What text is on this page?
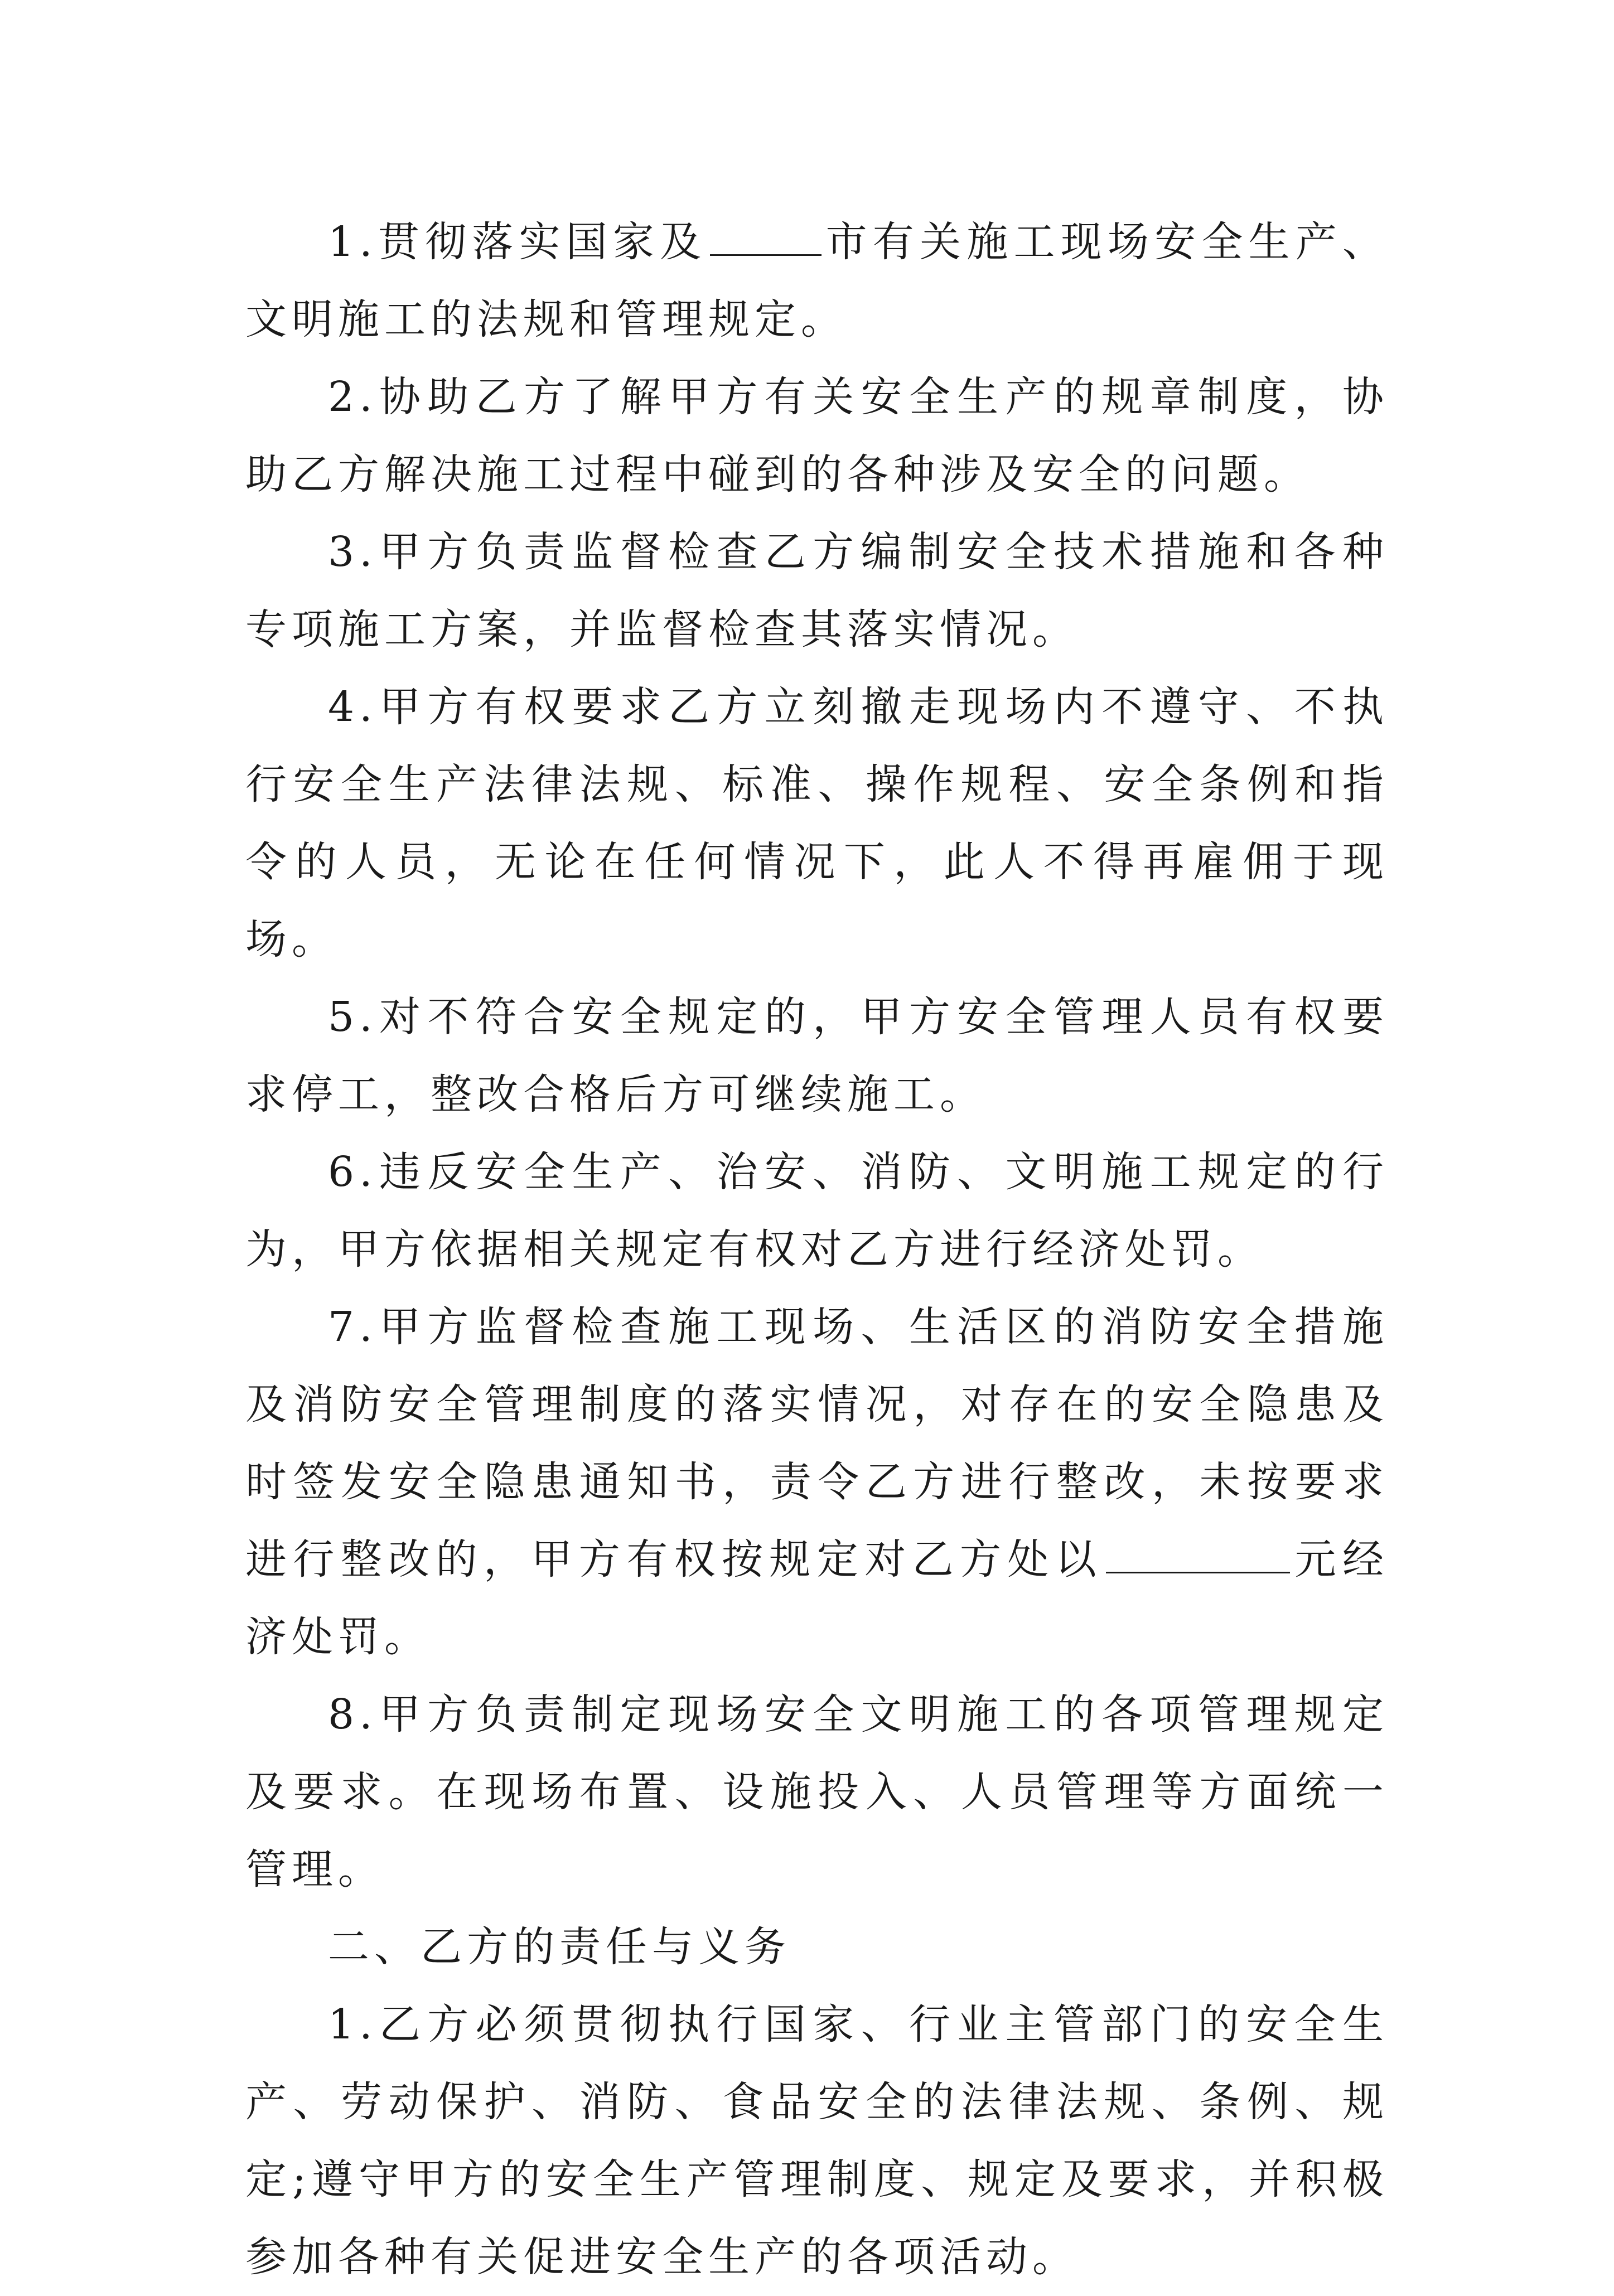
1.贯彻落实国家及	市有关施工现场安全生产、文明施工的法规和管理规定。

2.协助乙方了解甲方有关安全生产的规章制度，协助乙方解决施工过程中碰到的各种涉及安全的问题。

3.甲方负责监督检查乙方编制安全技术措施和各种专项施工方案，并监督检查其落实情况。

4.甲方有权要求乙方立刻撤走现场内不遵守、不执行安全生产法律法规、标准、操作规程、安全条例和指令的人员，无论在任何情况下，此人不得再雇佣于现场。

5.对不符合安全规定的，甲方安全管理人员有权要求停工，整改合格后方可继续施工。

6.违反安全生产、治安、消防、文明施工规定的行为，甲方依据相关规定有权对乙方进行经济处罚。

7.甲方监督检查施工现场、生活区的消防安全措施及消防安全管理制度的落实情况，对存在的安全隐患及时签发安全隐患通知书，责令乙方进行整改，未按要求进行整改的，甲方有权按规定对乙方处以	元经济处罚。

8.甲方负责制定现场安全文明施工的各项管理规定及要求。在现场布置、设施投入、人员管理等方面统一管理。

二、乙方的责任与义务

1.乙方必须贯彻执行国家、行业主管部门的安全生产、劳动保护、消防、食品安全的法律法规、条例、规定;遵守甲方的安全生产管理制度、规定及要求，并积极参加各种有关促进安全生产的各项活动。
